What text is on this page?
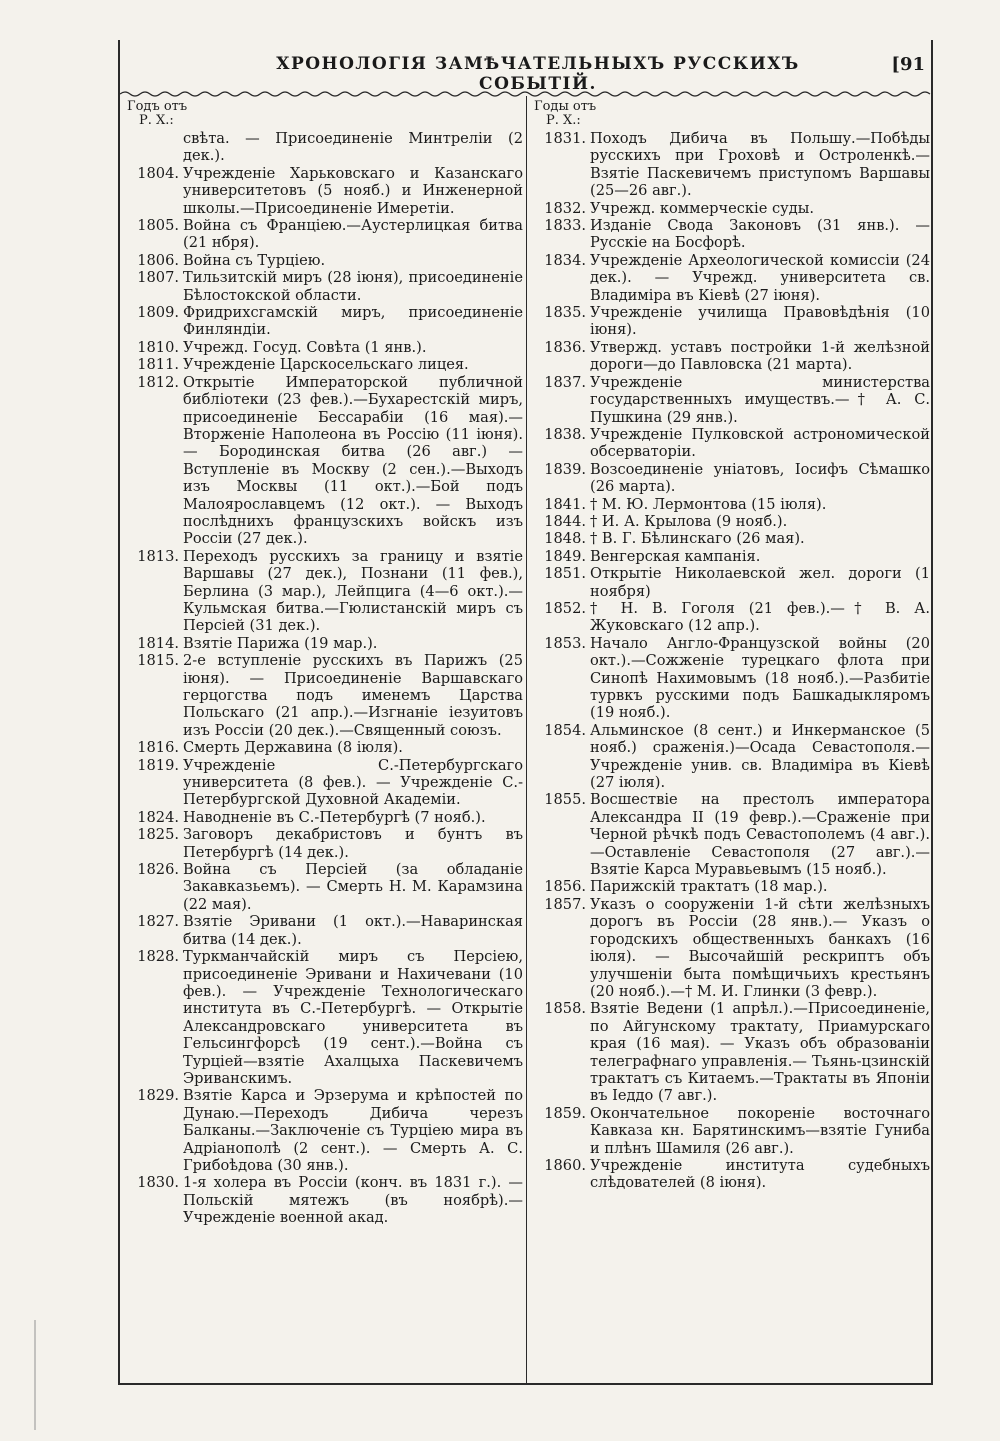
ХРОНОЛОГІЯ ЗАМѢЧАТЕЛЬНЫХЪ РУССКИХЪ СОБЫТІЙ.
[91
Годъ отъ
Р. Х.:
свѣта. — Присоединеніе Минтреліи (2 дек.).
1804. Учрежденіе Харьковскаго и Казанскаго университетовъ (5 нояб.) и Инженерной школы.—Присоединеніе Имеретіи.
1805. Война съ Франціею.—Аустерлицкая битва (21 нбря).
1806. Война съ Турціею.
1807. Тильзитскій миръ (28 іюня), присоединеніе Бѣлостокской области.
1809. Фридрихсгамскій миръ, присоединеніе Финляндіи.
1810. Учрежд. Госуд. Совѣта (1 янв.).
1811. Учрежденіе Царскосельскаго лицея.
1812. Открытіе Императорской публичной библіотеки (23 фев.).—Бухарестскій миръ, присоединеніе Бессарабіи (16 мая).—Вторженіе Наполеона въ Россію (11 іюня). — Бородинская битва (26 авг.) — Вступленіе въ Москву (2 сен.).—Выходъ изъ Москвы (11 окт.).—Бой подъ Малоярославцемъ (12 окт.). — Выходъ послѣднихъ французскихъ войскъ изъ Россіи (27 дек.).
1813. Переходъ русскихъ за границу и взятіе Варшавы (27 дек.), Познани (11 фев.), Берлина (3 мар.), Лейпцига (4—6 окт.).—Кульмская битва.—Гюлистанскій миръ съ Персіей (31 дек.).
1814. Взятіе Парижа (19 мар.).
1815. 2-е вступленіе русскихъ въ Парижъ (25 іюня). — Присоединеніе Варшавскаго герцогства подъ именемъ Царства Польскаго (21 апр.).—Изгнаніе іезуитовъ изъ Россіи (20 дек.).—Священный союзъ.
1816. Смерть Державина (8 іюля).
1819. Учрежденіе С.-Петербургскаго университета (8 фев.). — Учрежденіе С.-Петербургской Духовной Академіи.
1824. Наводненіе въ С.-Петербургѣ (7 нояб.).
1825. Заговоръ декабристовъ и бунтъ въ Петербургѣ (14 дек.).
1826. Война съ Персіей (за обладаніе Закавказьемъ). — Смерть Н. М. Карамзина (22 мая).
1827. Взятіе Эривани (1 окт.).—Наваринская битва (14 дек.).
1828. Туркманчайскій миръ съ Персіею, присоединеніе Эривани и Нахичевани (10 фев.). — Учрежденіе Технологическаго института въ С.-Петербургѣ. — Открытіе Александровскаго университета въ Гельсингфорсѣ (19 сент.).—Война съ Турціей—взятіе Ахалцыха Паскевичемъ Эриванскимъ.
1829. Взятіе Карса и Эрзерума и крѣпостей по Дунаю.—Переходъ Дибича черезъ Балканы.—Заключеніе съ Турціею мира въ Адріанополѣ (2 сент.). — Смерть А. С. Грибоѣдова (30 янв.).
1830. 1-я холера въ Россіи (конч. въ 1831 г.). — Польскій мятежъ (въ ноябрѣ).— Учрежденіе военной акад.
Годы отъ
Р. Х.:
1831. Походъ Дибича въ Польшу.—Побѣды русскихъ при Гроховѣ и Остроленкѣ.— Взятіе Паскевичемъ приступомъ Варшавы (25—26 авг.).
1832. Учрежд. коммерческіе суды.
1833. Изданіе Свода Законовъ (31 янв.). — Русскіе на Босфорѣ.
1834. Учрежденіе Археологической комиссіи (24 дек.). — Учрежд. университета св. Владиміра въ Кіевѣ (27 іюня).
1835. Учрежденіе училища Правовѣдѣнія (10 іюня).
1836. Утвержд. уставъ постройки 1-й желѣзной дороги—до Павловска (21 марта).
1837. Учрежденіе министерства государственныхъ имуществъ.—† А. С. Пушкина (29 янв.).
1838. Учрежденіе Пулковской астрономической обсерваторіи.
1839. Возсоединеніе уніатовъ, Іосифъ Сѣмашко (26 марта).
1841. † М. Ю. Лермонтова (15 іюля).
1844. † И. А. Крылова (9 нояб.).
1848. † В. Г. Бѣлинскаго (26 мая).
1849. Венгерская кампанія.
1851. Открытіе Николаевской жел. дороги (1 ноября)
1852. † Н. В. Гоголя (21 фев.).—† В. А. Жуковскаго (12 апр.).
1853. Начало Англо-Французской войны (20 окт.).—Сожженіе турецкаго флота при Синопѣ Нахимовымъ (18 нояб.).—Разбитіе турвкъ русскими подъ Башкадыкляромъ (19 нояб.).
1854. Альминское (8 сент.) и Инкерманское (5 нояб.) сраженія.)—Осада Севастополя.—Учрежденіе унив. св. Владиміра въ Кіевѣ (27 іюля).
1855. Восшествіе на престолъ императора Александра II (19 февр.).—Сраженіе при Черной рѣчкѣ подъ Севастополемъ (4 авг.).—Оставленіе Севастополя (27 авг.).—Взятіе Карса Муравьевымъ (15 нояб.).
1856. Парижскій трактатъ (18 мар.).
1857. Указъ о сооруженіи 1-й сѣти желѣзныхъ дорогъ въ Россіи (28 янв.).— Указъ о городскихъ общественныхъ банкахъ (16 іюля). — Высочайшій рескриптъ объ улучшеніи быта помѣщичьихъ крестьянъ (20 нояб.).—† М. И. Глинки (3 февр.).
1858. Взятіе Ведени (1 апрѣл.).—Присоединеніе, по Айгунскому трактату, Приамурскаго края (16 мая). — Указъ объ образованіи телеграфнаго управленія.— Тьянь-цзинскій трактатъ съ Китаемъ.—Трактаты въ Японіи въ Іеддо (7 авг.).
1859. Окончательное покореніе восточнаго Кавказа кн. Барятинскимъ—взятіе Гуниба и плѣнъ Шамиля (26 авг.).
1860. Учрежденіе института судебныхъ слѣдователей (8 іюня).
